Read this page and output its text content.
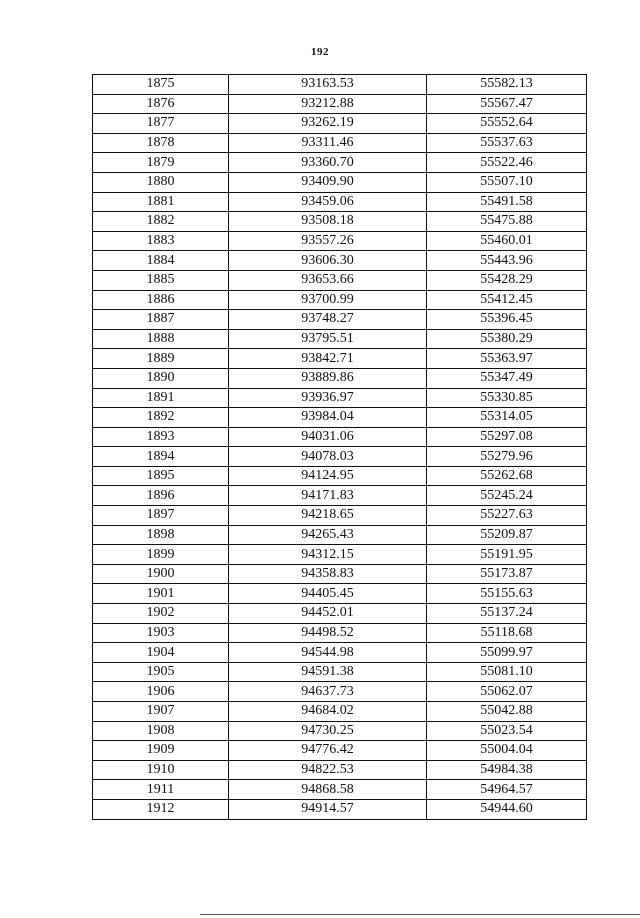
192
1875	93163.53	55582.13
1876	93212.88	55567.47
1877	93262.19	55552.64
1878	93311.46	55537.63
1879	93360.70	55522.46
1880	93409.90	55507.10
1881	93459.06	55491.58
1882	93508.18	55475.88
1883	93557.26	55460.01
1884	93606.30	55443.96
1885	93653.66	55428.29
1886	93700.99	55412.45
1887	93748.27	55396.45
1888	93795.51	55380.29
1889	93842.71	55363.97
1890	93889.86	55347.49
1891	93936.97	55330.85
1892	93984.04	55314.05
1893	94031.06	55297.08
1894	94078.03	55279.96
1895	94124.95	55262.68
1896	94171.83	55245.24
1897	94218.65	55227.63
1898	94265.43	55209.87
1899	94312.15	55191.95
1900	94358.83	55173.87
1901	94405.45	55155.63
1902	94452.01	55137.24
1903	94498.52	55118.68
1904	94544.98	55099.97
1905	94591.38	55081.10
1906	94637.73	55062.07
1907	94684.02	55042.88
1908	94730.25	55023.54
1909	94776.42	55004.04
1910	94822.53	54984.38
1911	94868.58	54964.57
1912	94914.57	54944.60
